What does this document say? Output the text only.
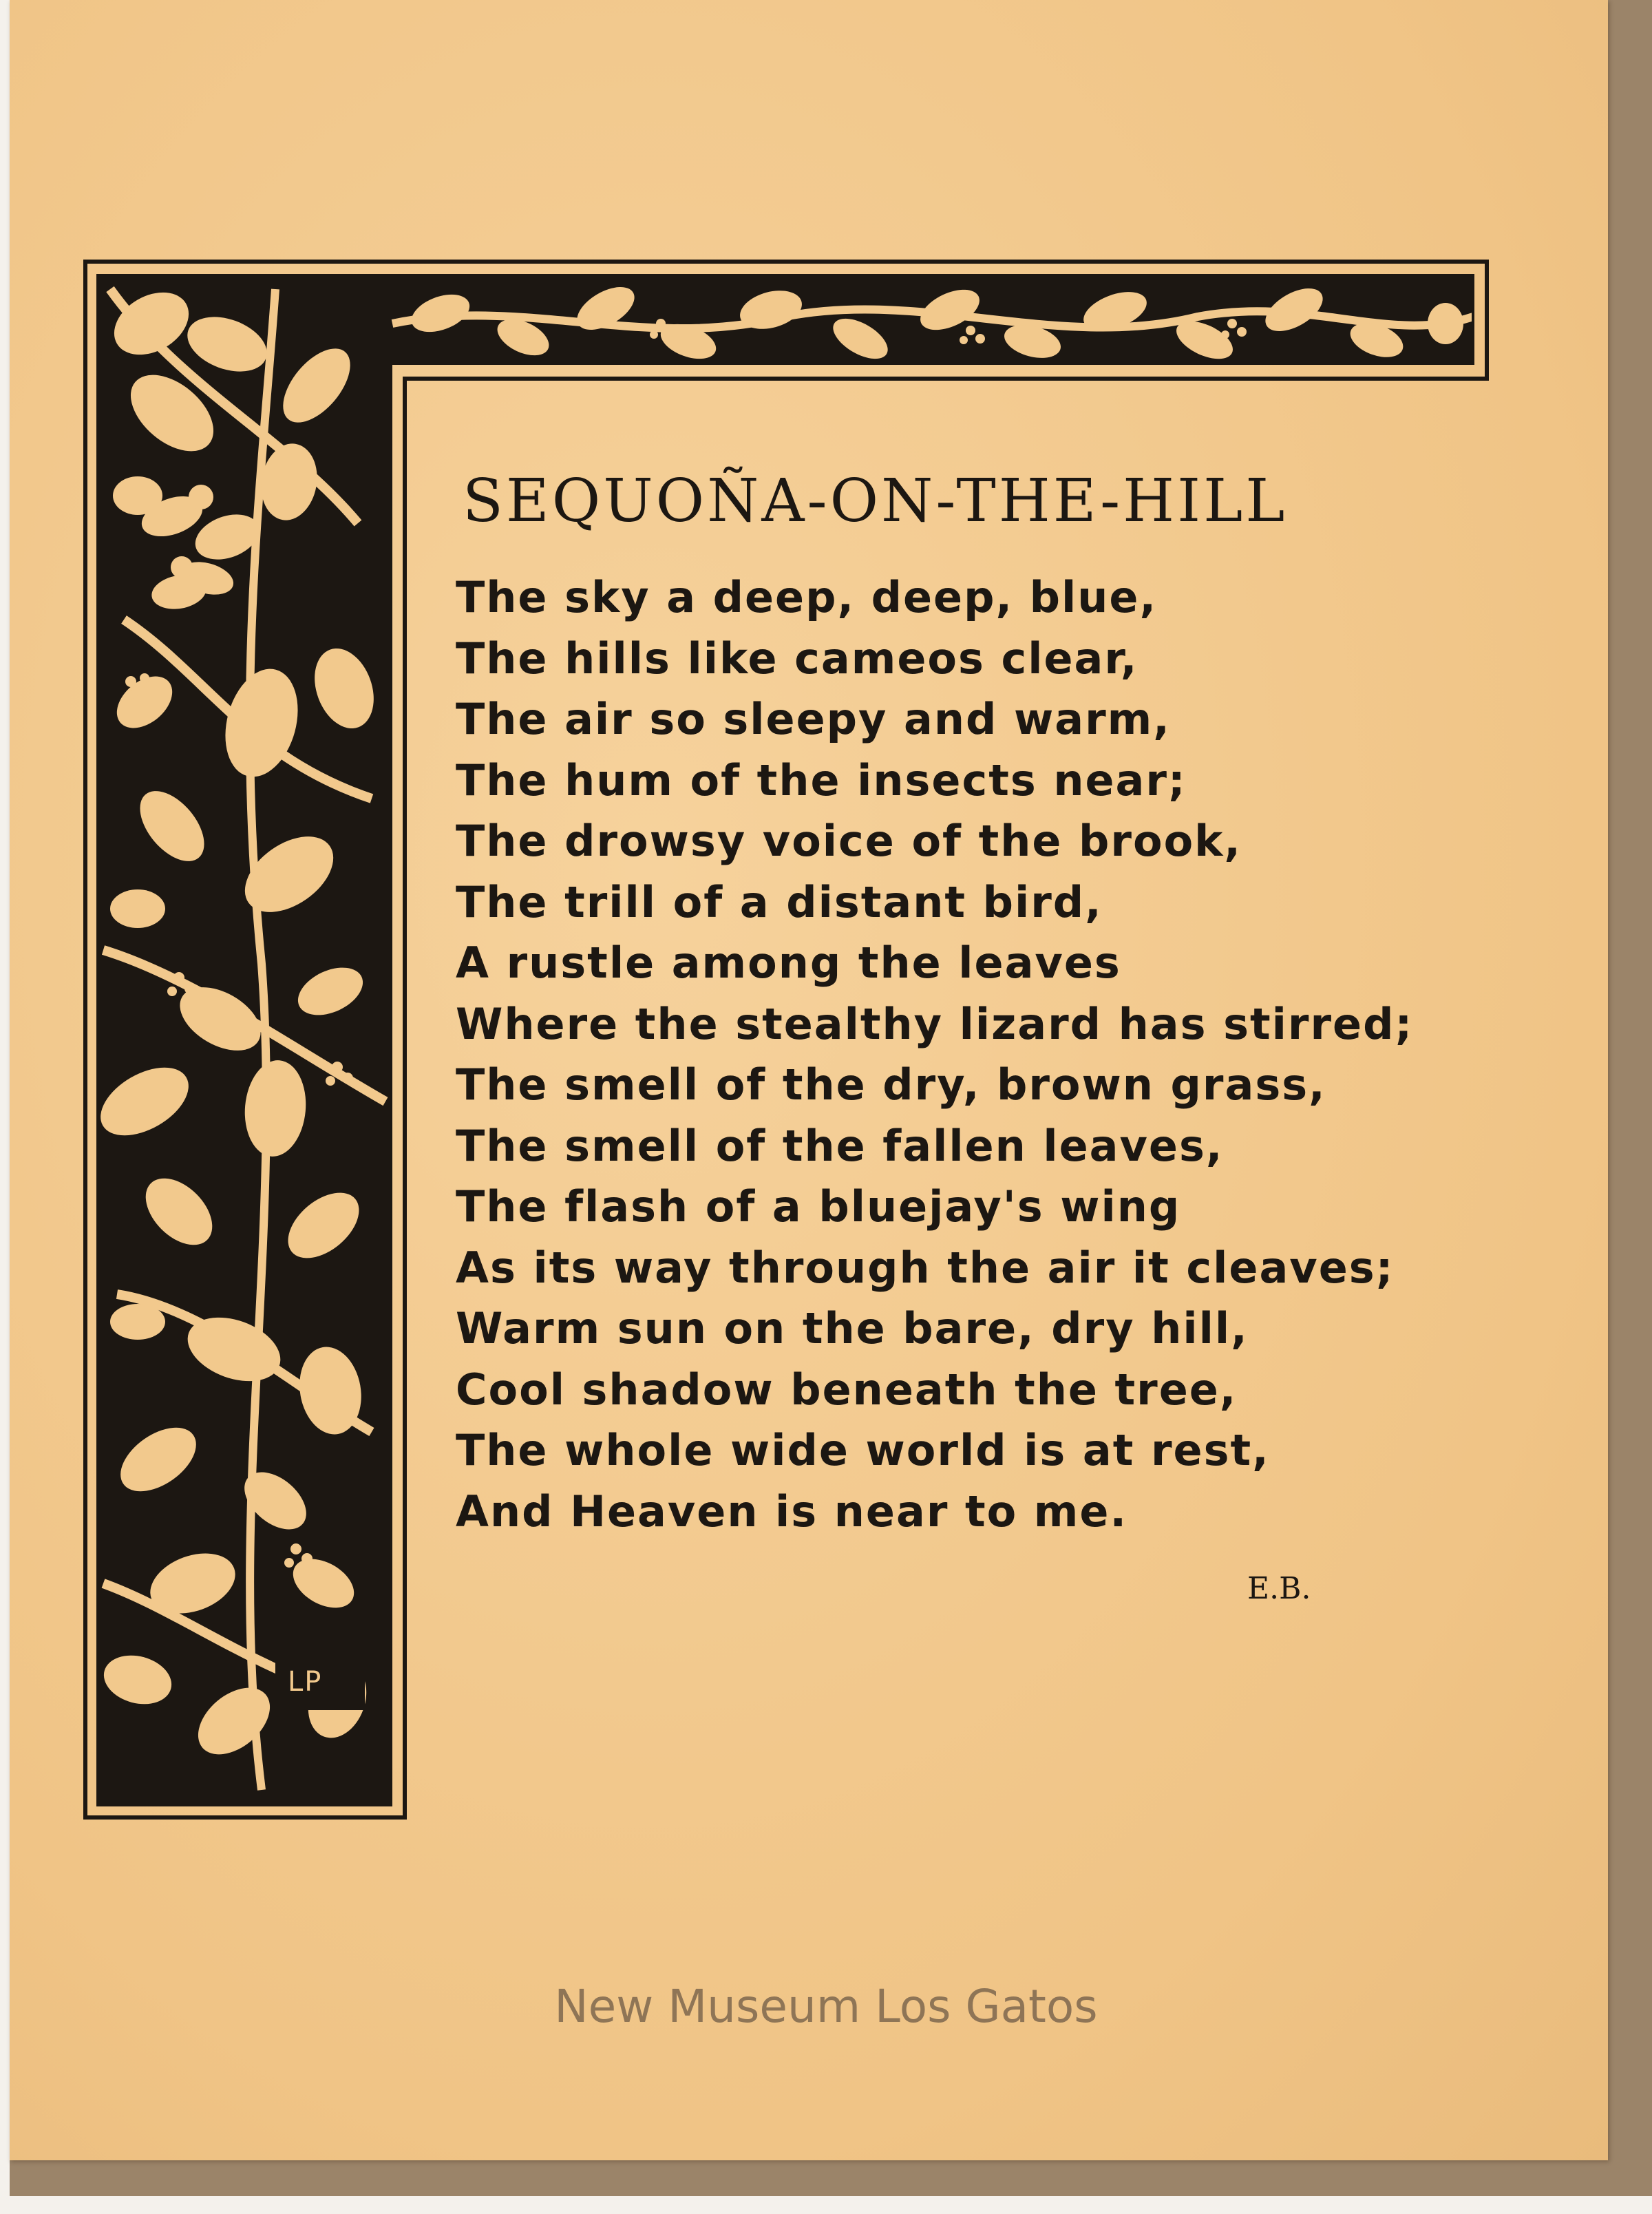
LP
SEQUOÑA-ON-THE-HILL
The sky a deep, deep, blue,
The hills like cameos clear,
The air so sleepy and warm,
The hum of the insects near;
The drowsy voice of the brook,
The trill of a distant bird,
A rustle among the leaves
Where the stealthy lizard has stirred;
The smell of the dry, brown grass,
The smell of the fallen leaves,
The flash of a bluejay's wing
As its way through the air it cleaves;
Warm sun on the bare, dry hill,
Cool shadow beneath the tree,
The whole wide world is at rest,
And Heaven is near to me.
E.B.
New Museum Los Gatos
